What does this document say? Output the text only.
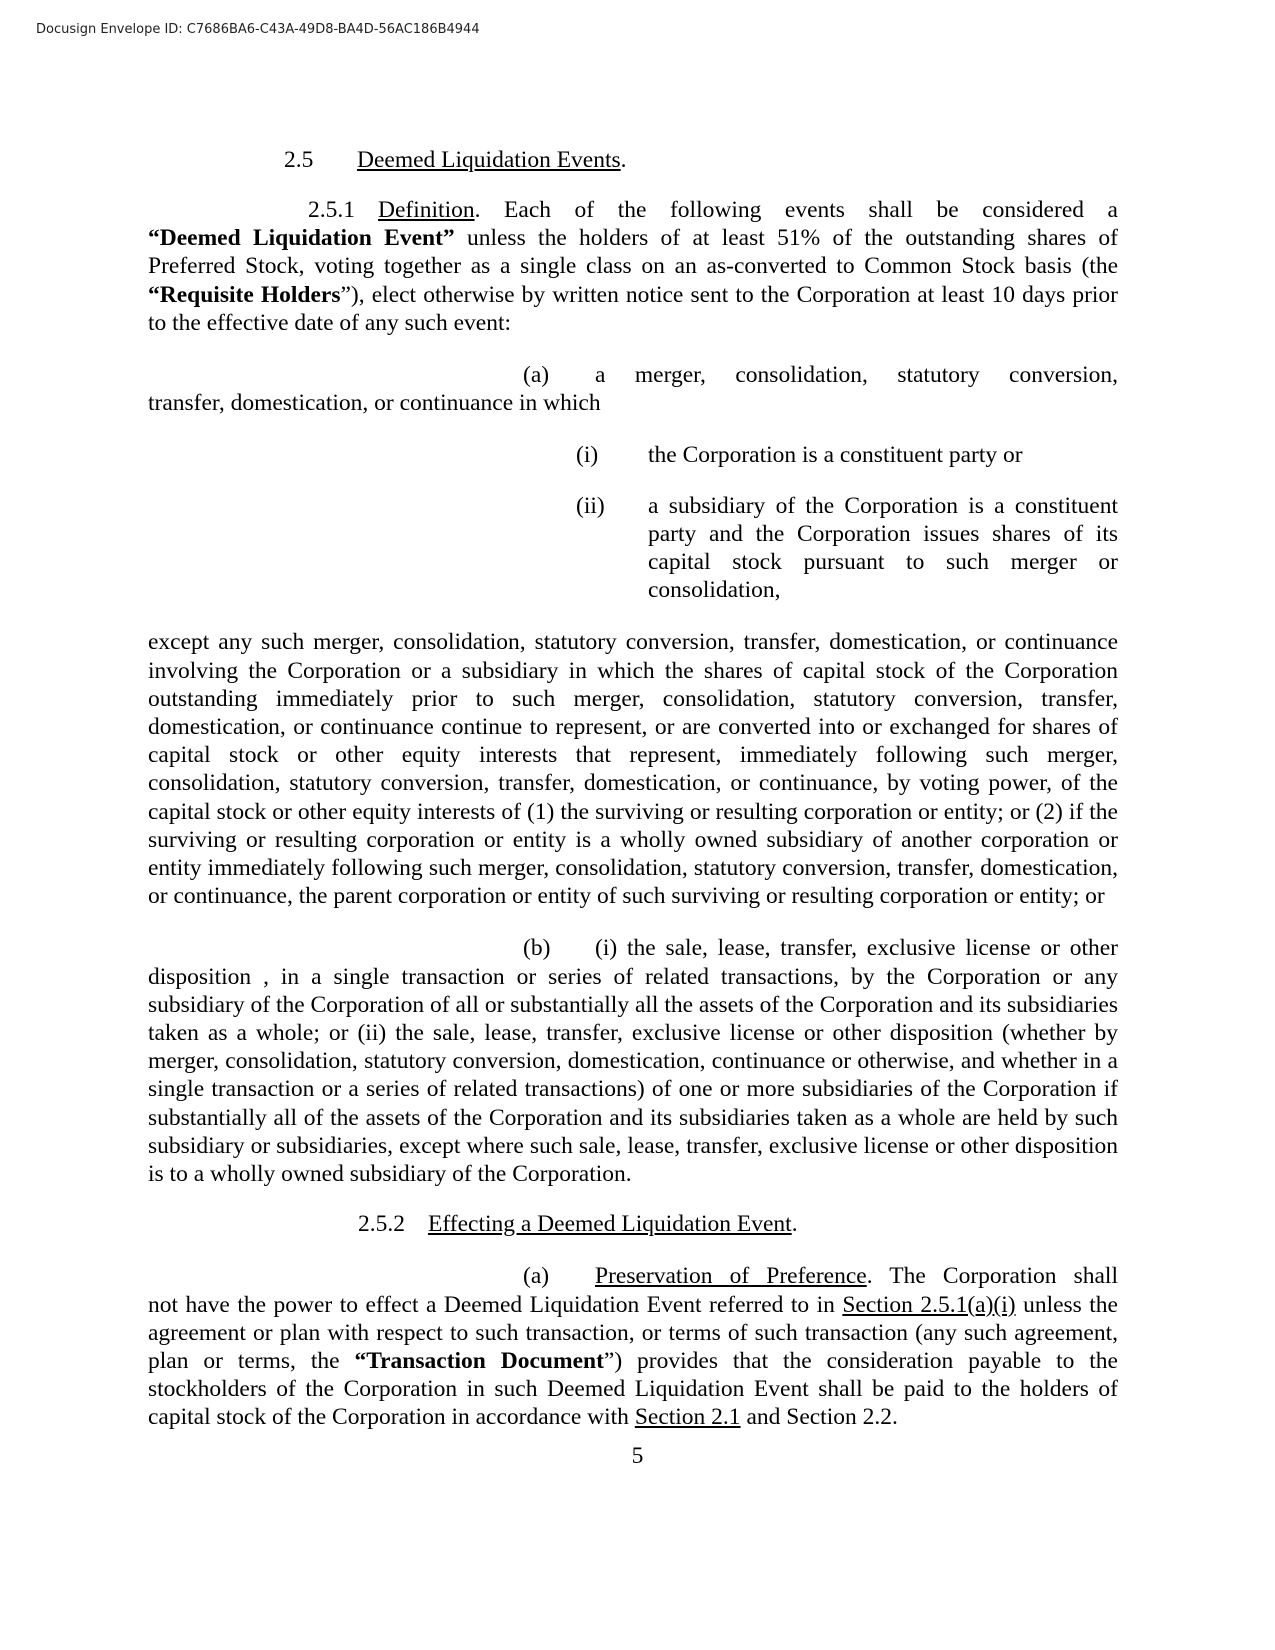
Docusign Envelope ID: C7686BA6-C43A-49D8-BA4D-56AC186B4944
2.5 Deemed Liquidation Events.

2.5.1 Definition. Each of the following events shall be considered a
“Deemed Liquidation Event” unless the holders of at least 51% of the outstanding shares of Preferred Stock, voting together as a single class on an as-converted to Common Stock basis (the “Requisite Holders”), elect otherwise by written notice sent to the Corporation at least 10 days prior to the effective date of any such event:

(a) a merger, consolidation, statutory conversion,
transfer, domestication, or continuance in which

(i)	the Corporation is a constituent party or
(ii)	a subsidiary of the Corporation is a constituent party and the Corporation issues shares of its capital stock pursuant to such merger or consolidation,

except any such merger, consolidation, statutory conversion, transfer, domestication, or continuance involving the Corporation or a subsidiary in which the shares of capital stock of the Corporation outstanding immediately prior to such merger, consolidation, statutory conversion, transfer, domestication, or continuance continue to represent, or are converted into or exchanged for shares of capital stock or other equity interests that represent, immediately following such merger, consolidation, statutory conversion, transfer, domestication, or continuance, by voting power, of the capital stock or other equity interests of (1) the surviving or resulting corporation or entity; or (2) if the surviving or resulting corporation or entity is a wholly owned subsidiary of another corporation or entity immediately following such merger, consolidation, statutory conversion, transfer, domestication, or continuance, the parent corporation or entity of such surviving or resulting corporation or entity; or

(b) (i) the sale, lease, transfer, exclusive license or other
disposition , in a single transaction or series of related transactions, by the Corporation or any subsidiary of the Corporation of all or substantially all the assets of the Corporation and its subsidiaries taken as a whole; or (ii) the sale, lease, transfer, exclusive license or other disposition (whether by merger, consolidation, statutory conversion, domestication, continuance or otherwise, and whether in a single transaction or a series of related transactions) of one or more subsidiaries of the Corporation if substantially all of the assets of the Corporation and its subsidiaries taken as a whole are held by such subsidiary or subsidiaries, except where such sale, lease, transfer, exclusive license or other disposition is to a wholly owned subsidiary of the Corporation.

2.5.2 Effecting a Deemed Liquidation Event.

(a) Preservation of Preference. The Corporation shall
not have the power to effect a Deemed Liquidation Event referred to in Section 2.5.1(a)(i) unless the agreement or plan with respect to such transaction, or terms of such transaction (any such agreement, plan or terms, the “Transaction Document”) provides that the consideration payable to the stockholders of the Corporation in such Deemed Liquidation Event shall be paid to the holders of capital stock of the Corporation in accordance with Section 2.1 and Section 2.2.

5
